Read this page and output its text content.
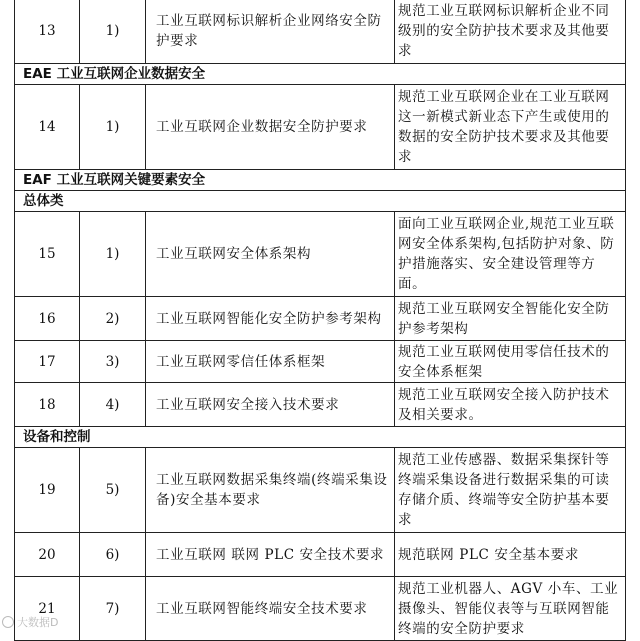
13	1)	工业互联网标识解析企业网络安全防护要求	规范工业互联网标识解析企业不同级别的安全防护技术要求及其他要求
EAE 工业互联网企业数据安全			
14	1)	工业互联网企业数据安全防护要求	规范工业互联网企业在工业互联网这一新模式新业态下产生或使用的数据的安全防护技术要求及其他要求
EAF 工业互联网关键要素安全			
总体类			
15	1)	工业互联网安全体系架构	面向工业互联网企业,规范工业互联网安全体系架构,包括防护对象、防护措施落实、安全建设管理等方面。
16	2)	工业互联网智能化安全防护参考架构	规范工业互联网安全智能化安全防护参考架构
17	3)	工业互联网零信任体系框架	规范工业互联网使用零信任技术的安全体系框架
18	4)	工业互联网安全接入技术要求	规范工业互联网安全接入防护技术及相关要求。
设备和控制			
19	5)	工业互联网数据采集终端(终端采集设备)安全基本要求	规范工业传感器、数据采集探针等终端采集设备进行数据采集的可读存储介质、终端等安全防护基本要求
20	6)	工业互联网 联网 PLC 安全技术要求	规范联网 PLC 安全基本要求
21	7)	工业互联网智能终端安全技术要求	规范工业机器人、AGV 小车、工业摄像头、智能仪表等与互联网智能终端的安全防护要求
大数据D
